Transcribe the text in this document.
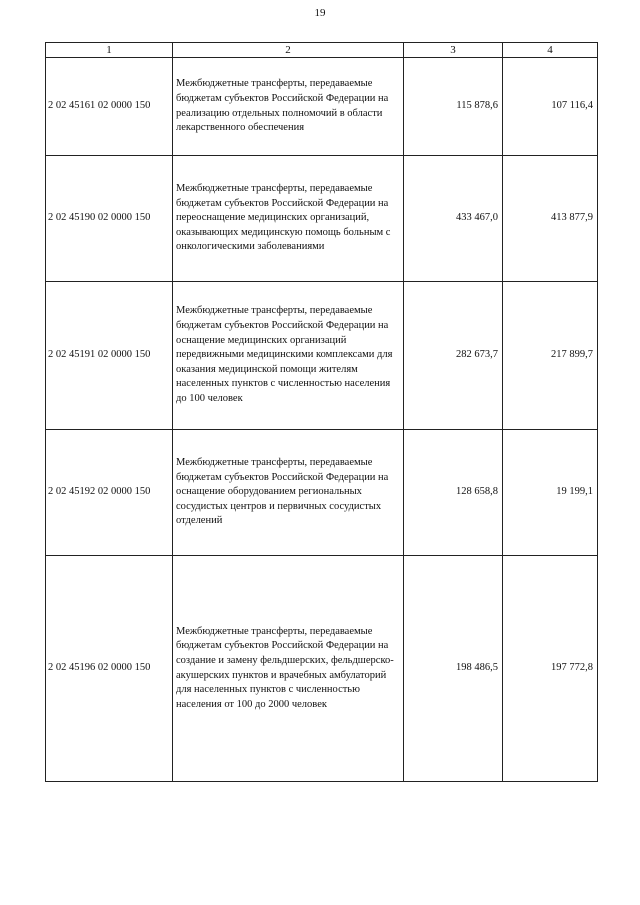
19
1	2	3	4
2 02 45161 02 0000 150	Межбюджетные трансферты, передаваемые бюджетам субъектов Российской Федерации на реализацию отдельных полномочий в области лекарственного обеспечения	115 878,6	107 116,4
2 02 45190 02 0000 150	Межбюджетные трансферты, передаваемые бюджетам субъектов Российской Федерации на переоснащение медицинских организаций, оказывающих медицинскую помощь больным с онкологическими заболеваниями	433 467,0	413 877,9
2 02 45191 02 0000 150	Межбюджетные трансферты, передаваемые бюджетам субъектов Российской Федерации на оснащение медицинских организаций передвижными медицинскими комплексами для оказания медицинской помощи жителям населенных пунктов с численностью населения до 100 человек	282 673,7	217 899,7
2 02 45192 02 0000 150	Межбюджетные трансферты, передаваемые бюджетам субъектов Российской Федерации на оснащение оборудованием региональных сосудистых центров и первичных сосудистых отделений	128 658,8	19 199,1
2 02 45196 02 0000 150	Межбюджетные трансферты, передаваемые бюджетам субъектов Российской Федерации на создание и замену фельдшерских, фельдшерско-акушерских пунктов и врачебных амбулаторий для населенных пунктов с численностью населения от 100 до 2000 человек	198 486,5	197 772,8
